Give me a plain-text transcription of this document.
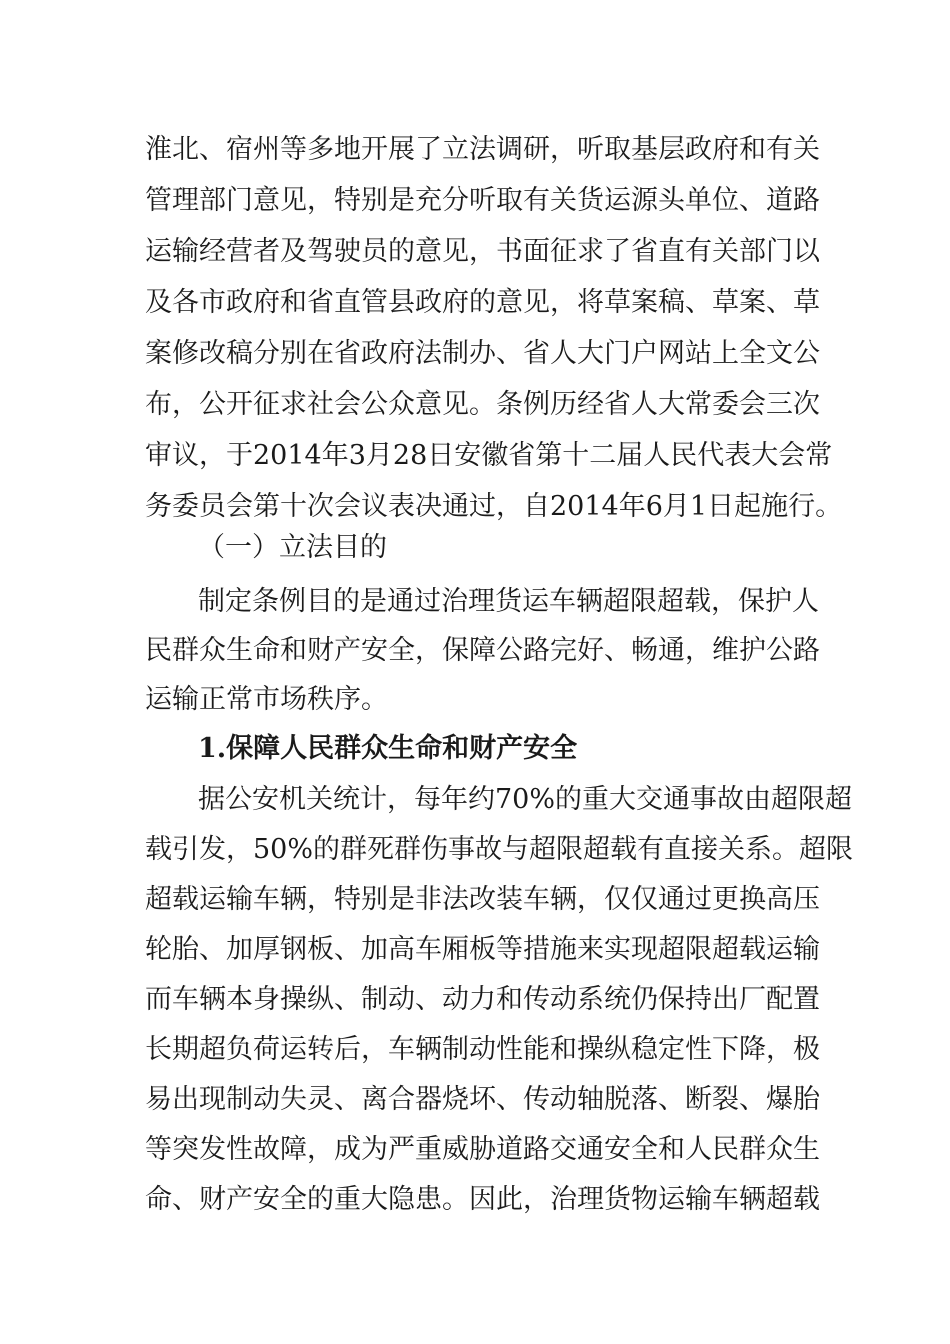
淮北、宿州等多地开展了立法调研，听取基层政府和有关
管理部门意见，特别是充分听取有关货运源头单位、道路
运输经营者及驾驶员的意见，书面征求了省直有关部门以
及各市政府和省直管县政府的意见，将草案稿、草案、草
案修改稿分别在省政府法制办、省人大门户网站上全文公
布，公开征求社会公众意见。条例历经省人大常委会三次
审议，于2014年3月28日安徽省第十二届人民代表大会常
务委员会第十次会议表决通过，自2014年6月1日起施行。
（一）立法目的
制定条例目的是通过治理货运车辆超限超载，保护人
民群众生命和财产安全，保障公路完好、畅通，维护公路
运输正常市场秩序。
1.保障人民群众生命和财产安全
据公安机关统计，每年约70%的重大交通事故由超限超
载引发，50%的群死群伤事故与超限超载有直接关系。超限
超载运输车辆，特别是非法改装车辆，仅仅通过更换高压
轮胎、加厚钢板、加高车厢板等措施来实现超限超载运输
而车辆本身操纵、制动、动力和传动系统仍保持出厂配置
长期超负荷运转后，车辆制动性能和操纵稳定性下降，极
易出现制动失灵、离合器烧坏、传动轴脱落、断裂、爆胎
等突发性故障，成为严重威胁道路交通安全和人民群众生
命、财产安全的重大隐患。因此，治理货物运输车辆超载
